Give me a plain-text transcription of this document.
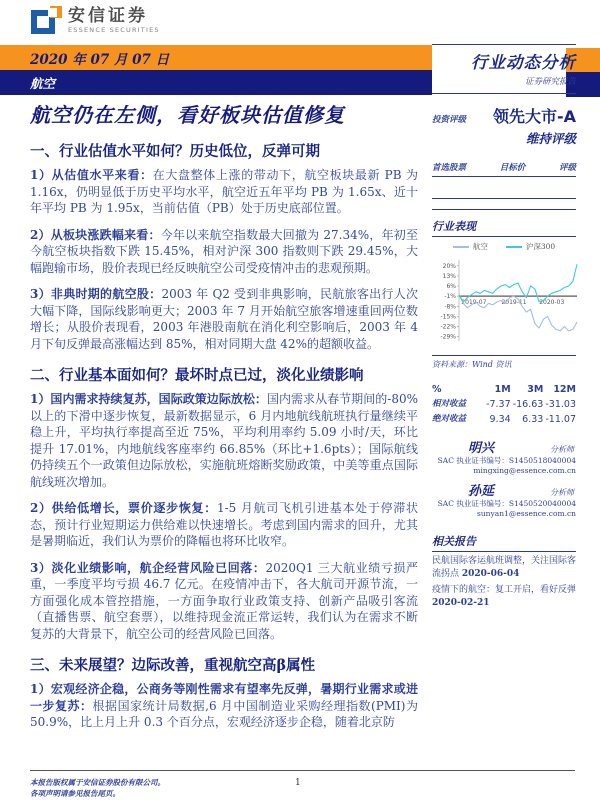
安信证券
ESSENCE SECURITIES
2020 年 07 月 07 日
航空
航空仍在左侧，看好板块估值修复
一、行业估值水平如何？历史低位，反弹可期

1）从估值水平来看：在大盘整体上涨的带动下，航空板块最新 PB 为 1.16x，仍明显低于历史平均水平，航空近五年平均 PB 为 1.65x、近十年平均 PB 为 1.95x，当前估值（PB）处于历史底部位置。

2）从板块涨跌幅来看：今年以来航空指数最大回撤为 27.34%，年初至今航空板块指数下跌 15.45%，相对沪深 300 指数则下跌 29.45%，大幅跑输市场，股价表现已经反映航空公司受疫情冲击的悲观预期。

3）非典时期的航空股：2003 年 Q2 受到非典影响，民航旅客出行人次大幅下降，国际线影响更大；2003 年 7 月开始航空旅客增速重回两位数增长；从股价表现看，2003 年港股南航在消化利空影响后，2003 年 4 月下旬反弹最高涨幅达到 85%，相对同期大盘 42%的超额收益。

二、行业基本面如何？最坏时点已过，淡化业绩影响

1）国内需求持续复苏，国际政策边际放松：国内需求从春节期间的-80%以上的下滑中逐步恢复，最新数据显示，6 月内地航线航班执行量继续平稳上升，平均执行率提高至近 75%，平均利用率约 5.09 小时/天，环比提升 17.01%，内地航线客座率约 66.85%（环比+1.6pts）；国际航线仍持续五个一政策但边际放松，实施航班熔断奖励政策，中美等重点国际航线班次增加。

2）供给低增长，票价逐步恢复：1-5 月航司飞机引进基本处于停滞状态，预计行业短期运力供给难以快速增长。考虑到国内需求的回升，尤其是暑期临近，我们认为票价的降幅也将环比收窄。

3）淡化业绩影响，航企经营风险已回落：2020Q1 三大航业绩亏损严重，一季度平均亏损 46.7 亿元。在疫情冲击下，各大航司开源节流，一方面强化成本管控措施，一方面争取行业政策支持、创新产品吸引客流（直播售票、航空套票），以维持现金流正常运转，我们认为在需求不断复苏的大背景下，航空公司的经营风险已回落。

三、未来展望？边际改善，重视航空高β属性

1）宏观经济企稳，公商务等刚性需求有望率先反弹，暑期行业需求或进一步复苏：根据国家统计局数据,6 月中国制造业采购经理指数(PMI)为 50.9%，比上月上升 0.3 个百分点，宏观经济逐步企稳，随着北京防

行业动态分析
证券研究报告
投资评级 领先大市-A
维持评级
首选股票	目标价	评级
行业表现
航空	沪深300
20%
13%
6%
-1%
-8%
-15%
-22%
-29%
2019-07	2019-11 2020-03
资料来源：Wind 资讯
%	1M	3M	12M
相对收益	-7.37 -16.63 -31.03
绝对收益	9.34	6.33 -11.07
明兴	分析师
SAC 执业证书编号：S1450518040004
mingxing@essence.com.cn
孙延	分析师
SAC 执业证书编号：S1450520040004
sunyan1@essence.com.cn
相关报告
民航国际客运航班调整，关注国际客流拐点 2020-06-04
疫情下的航空：复工开启，看好反弹 2020-02-21
本报告版权属于安信证券股份有限公司。
各项声明请参见报告尾页。
1
